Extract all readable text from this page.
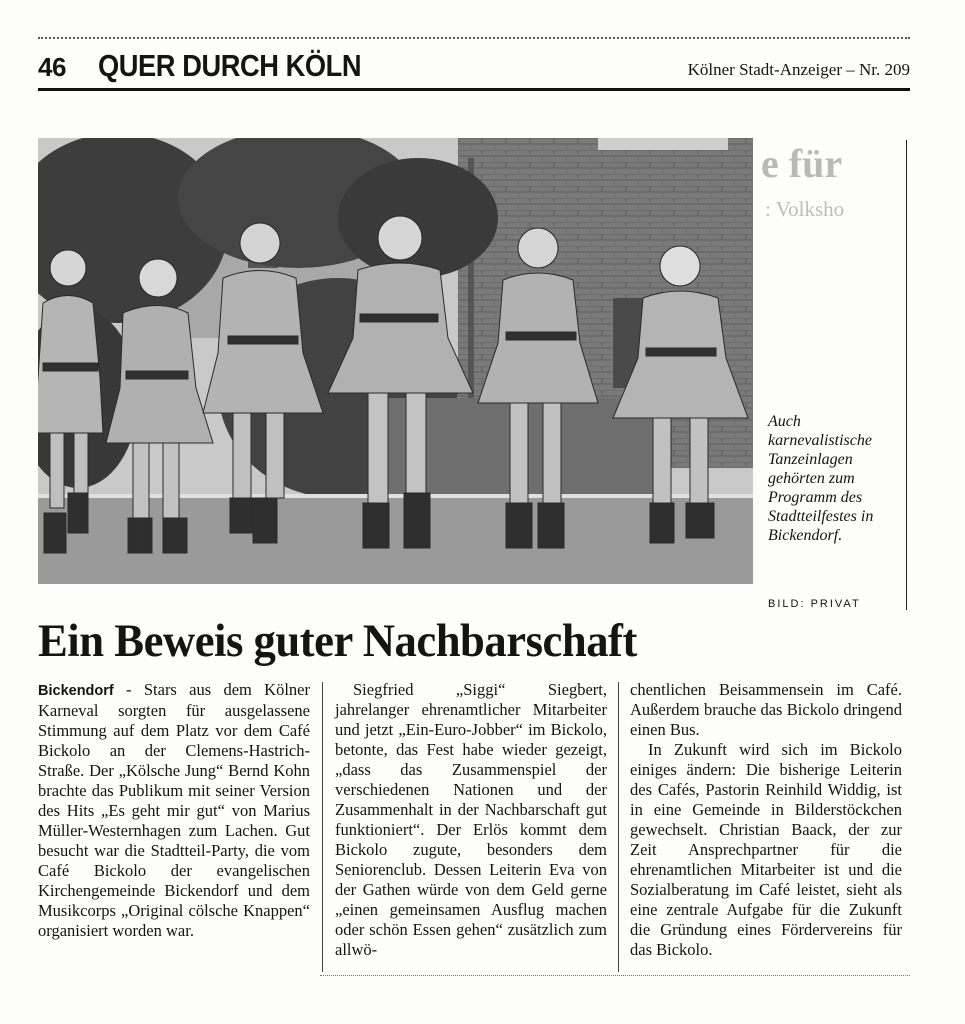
46 QUER DURCH KÖLN	Kölner Stadt-Anzeiger – Nr. 209
e für
: Volksho
Auch karnevalistische Tanzeinlagen gehörten zum Programm des Stadtteilfestes in Bickendorf.
BILD: PRIVAT
Ein Beweis guter Nachbarschaft

Bickendorf - Stars aus dem Kölner Karneval sorgten für ausgelassene Stimmung auf dem Platz vor dem Café Bickolo an der Clemens-Hastrich-Straße. Der „Kölsche Jung“ Bernd Kohn brachte das Publikum mit seiner Version des Hits „Es geht mir gut“ von Marius Müller-Westernhagen zum Lachen. Gut besucht war die Stadtteil-Party, die vom Café Bickolo der evangelischen Kirchengemeinde Bickendorf und dem Musikcorps „Original cölsche Knappen“ organisiert worden war.

Siegfried „Siggi“ Siegbert, jahrelanger ehrenamtlicher Mitarbeiter und jetzt „Ein-Euro-Jobber“ im Bickolo, betonte, das Fest habe wieder gezeigt, „dass das Zusammenspiel der verschiedenen Nationen und der Zusammenhalt in der Nachbarschaft gut funktioniert“. Der Erlös kommt dem Bickolo zugute, besonders dem Seniorenclub. Dessen Leiterin Eva von der Gathen würde von dem Geld gerne „einen gemeinsamen Ausflug machen oder schön Essen gehen“ zusätzlich zum allwö-

chentlichen Beisammensein im Café. Außerdem brauche das Bickolo dringend einen Bus.

In Zukunft wird sich im Bickolo einiges ändern: Die bisherige Leiterin des Cafés, Pastorin Reinhild Widdig, ist in eine Gemeinde in Bilderstöckchen gewechselt. Christian Baack, der zur Zeit Ansprechpartner für die ehrenamtlichen Mitarbeiter ist und die Sozialberatung im Café leistet, sieht als eine zentrale Aufgabe für die Zukunft die Gründung eines Fördervereins für das Bickolo.
